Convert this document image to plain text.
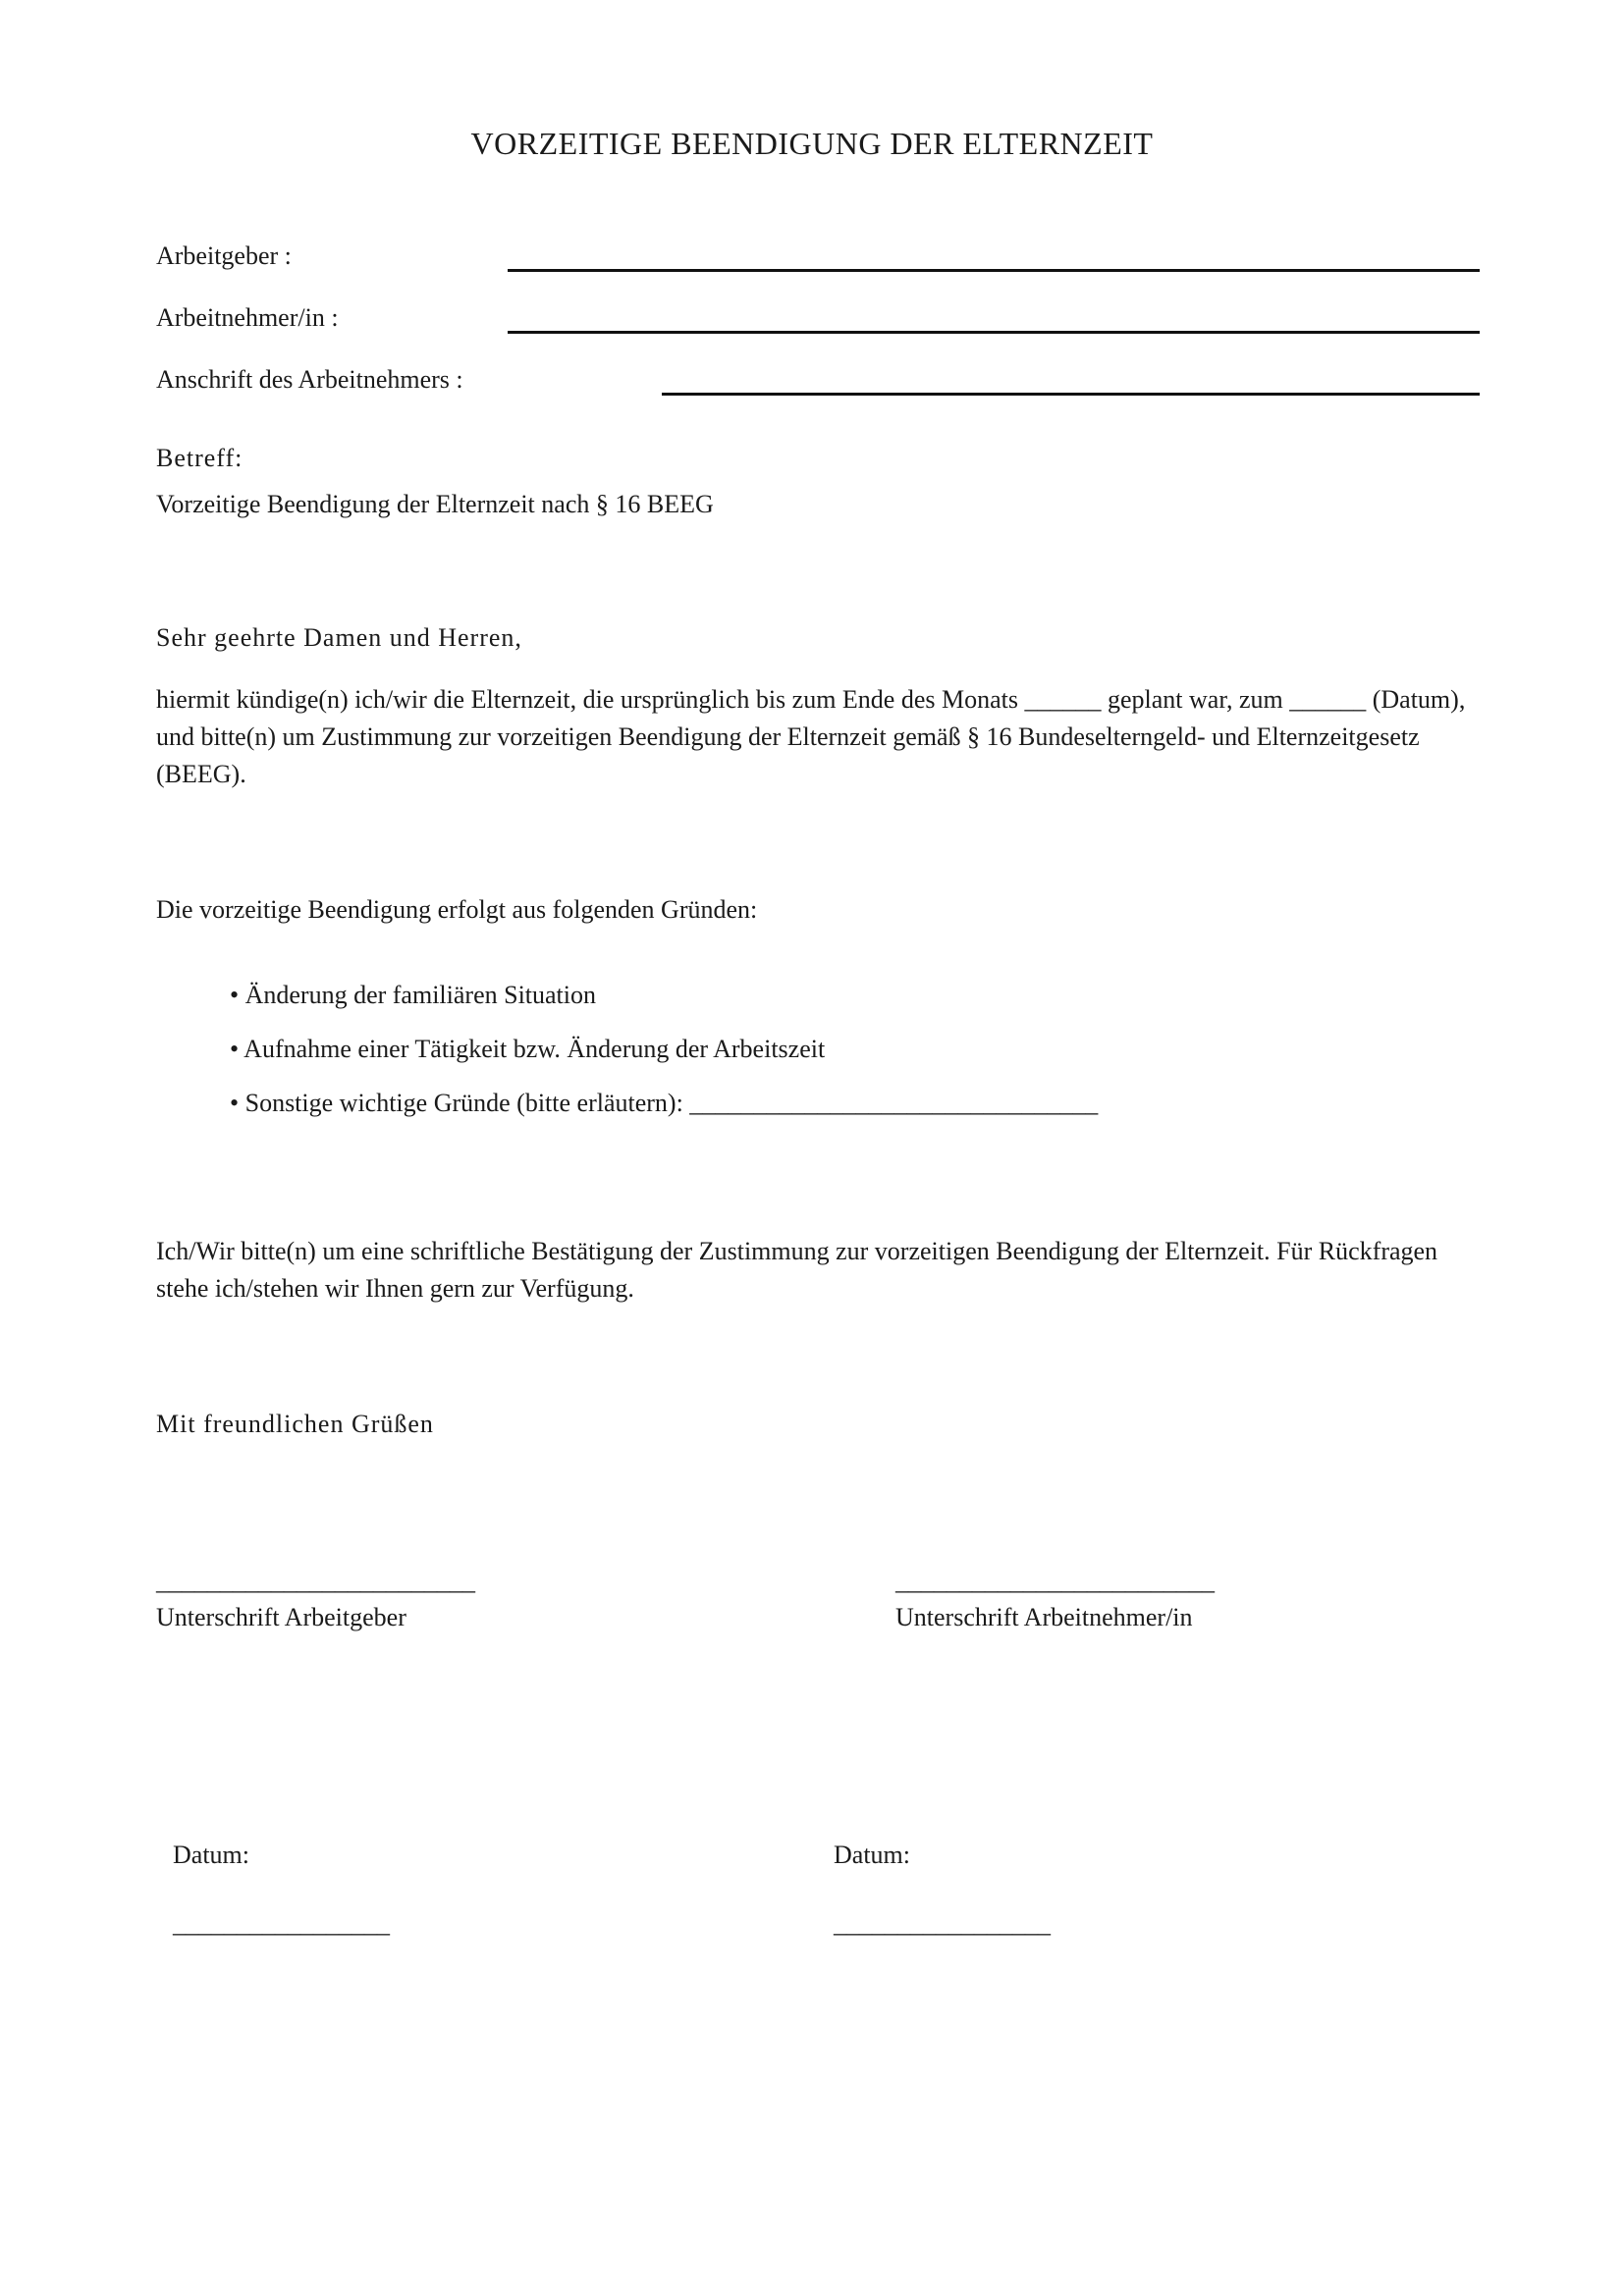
VORZEITIGE BEENDIGUNG DER ELTERNZEIT
Arbeitgeber :
Arbeitnehmer/in :
Anschrift des Arbeitnehmers :
Betreff:
Vorzeitige Beendigung der Elternzeit nach § 16 BEEG
Sehr geehrte Damen und Herren,
hiermit kündige(n) ich/wir die Elternzeit, die ursprünglich bis zum Ende des Monats ______ geplant war, zum ______ (Datum), und bitte(n) um Zustimmung zur vorzeitigen Beendigung der Elternzeit gemäß § 16 Bundeselterngeld- und Elternzeitgesetz (BEEG).
Die vorzeitige Beendigung erfolgt aus folgenden Gründen:
• Änderung der familiären Situation
• Aufnahme einer Tätigkeit bzw. Änderung der Arbeitszeit
• Sonstige wichtige Gründe (bitte erläutern): ________________________________
Ich/Wir bitte(n) um eine schriftliche Bestätigung der Zustimmung zur vorzeitigen Beendigung der Elternzeit. Für Rückfragen stehe ich/stehen wir Ihnen gern zur Verfügung.
Mit freundlichen Grüßen
_________________________
Unterschrift Arbeitgeber
_________________________
Unterschrift Arbeitnehmer/in
Datum:
_________________
Datum:
_________________
